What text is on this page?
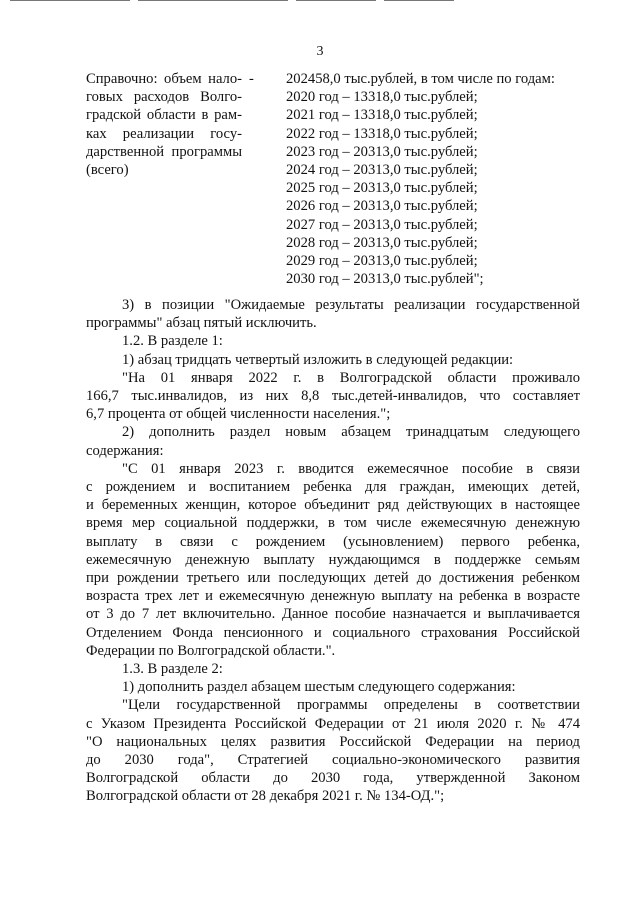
3
Справочно: объем нало-
говых расходов Волго-
градской области в рам-
ках реализации госу-
дарственной программы
(всего)
- 202458,0 тыс.рублей, в том числе по годам:
2020 год – 13318,0 тыс.рублей;
2021 год – 13318,0 тыс.рублей;
2022 год – 13318,0 тыс.рублей;
2023 год – 20313,0 тыс.рублей;
2024 год – 20313,0 тыс.рублей;
2025 год – 20313,0 тыс.рублей;
2026 год – 20313,0 тыс.рублей;
2027 год – 20313,0 тыс.рублей;
2028 год – 20313,0 тыс.рублей;
2029 год – 20313,0 тыс.рублей;
2030 год – 20313,0 тыс.рублей";
3) в позиции "Ожидаемые результаты реализации государственной
программы" абзац пятый исключить.
1.2. В разделе 1:
1) абзац тридцать четвертый изложить в следующей редакции:
"На 01 января 2022 г. в Волгоградской области проживало
166,7 тыс.инвалидов, из них 8,8 тыс.детей-инвалидов, что составляет
6,7 процента от общей численности населения.";
2) дополнить раздел новым абзацем тринадцатым следующего
содержания:
"С 01 января 2023 г. вводится ежемесячное пособие в связи
с рождением и воспитанием ребенка для граждан, имеющих детей,
и беременных женщин, которое объединит ряд действующих в настоящее
время мер социальной поддержки, в том числе ежемесячную денежную
выплату в связи с рождением (усыновлением) первого ребенка,
ежемесячную денежную выплату нуждающимся в поддержке семьям
при рождении третьего или последующих детей до достижения ребенком
возраста трех лет и ежемесячную денежную выплату на ребенка в возрасте
от 3 до 7 лет включительно. Данное пособие назначается и выплачивается
Отделением Фонда пенсионного и социального страхования Российской
Федерации по Волгоградской области.".
1.3. В разделе 2:
1) дополнить раздел абзацем шестым следующего содержания:
"Цели государственной программы определены в соответствии
с Указом Президента Российской Федерации от 21 июля 2020 г. № 474
"О национальных целях развития Российской Федерации на период
до 2030 года", Стратегией социально-экономического развития
Волгоградской области до 2030 года, утвержденной Законом
Волгоградской области от 28 декабря 2021 г. № 134-ОД.";
